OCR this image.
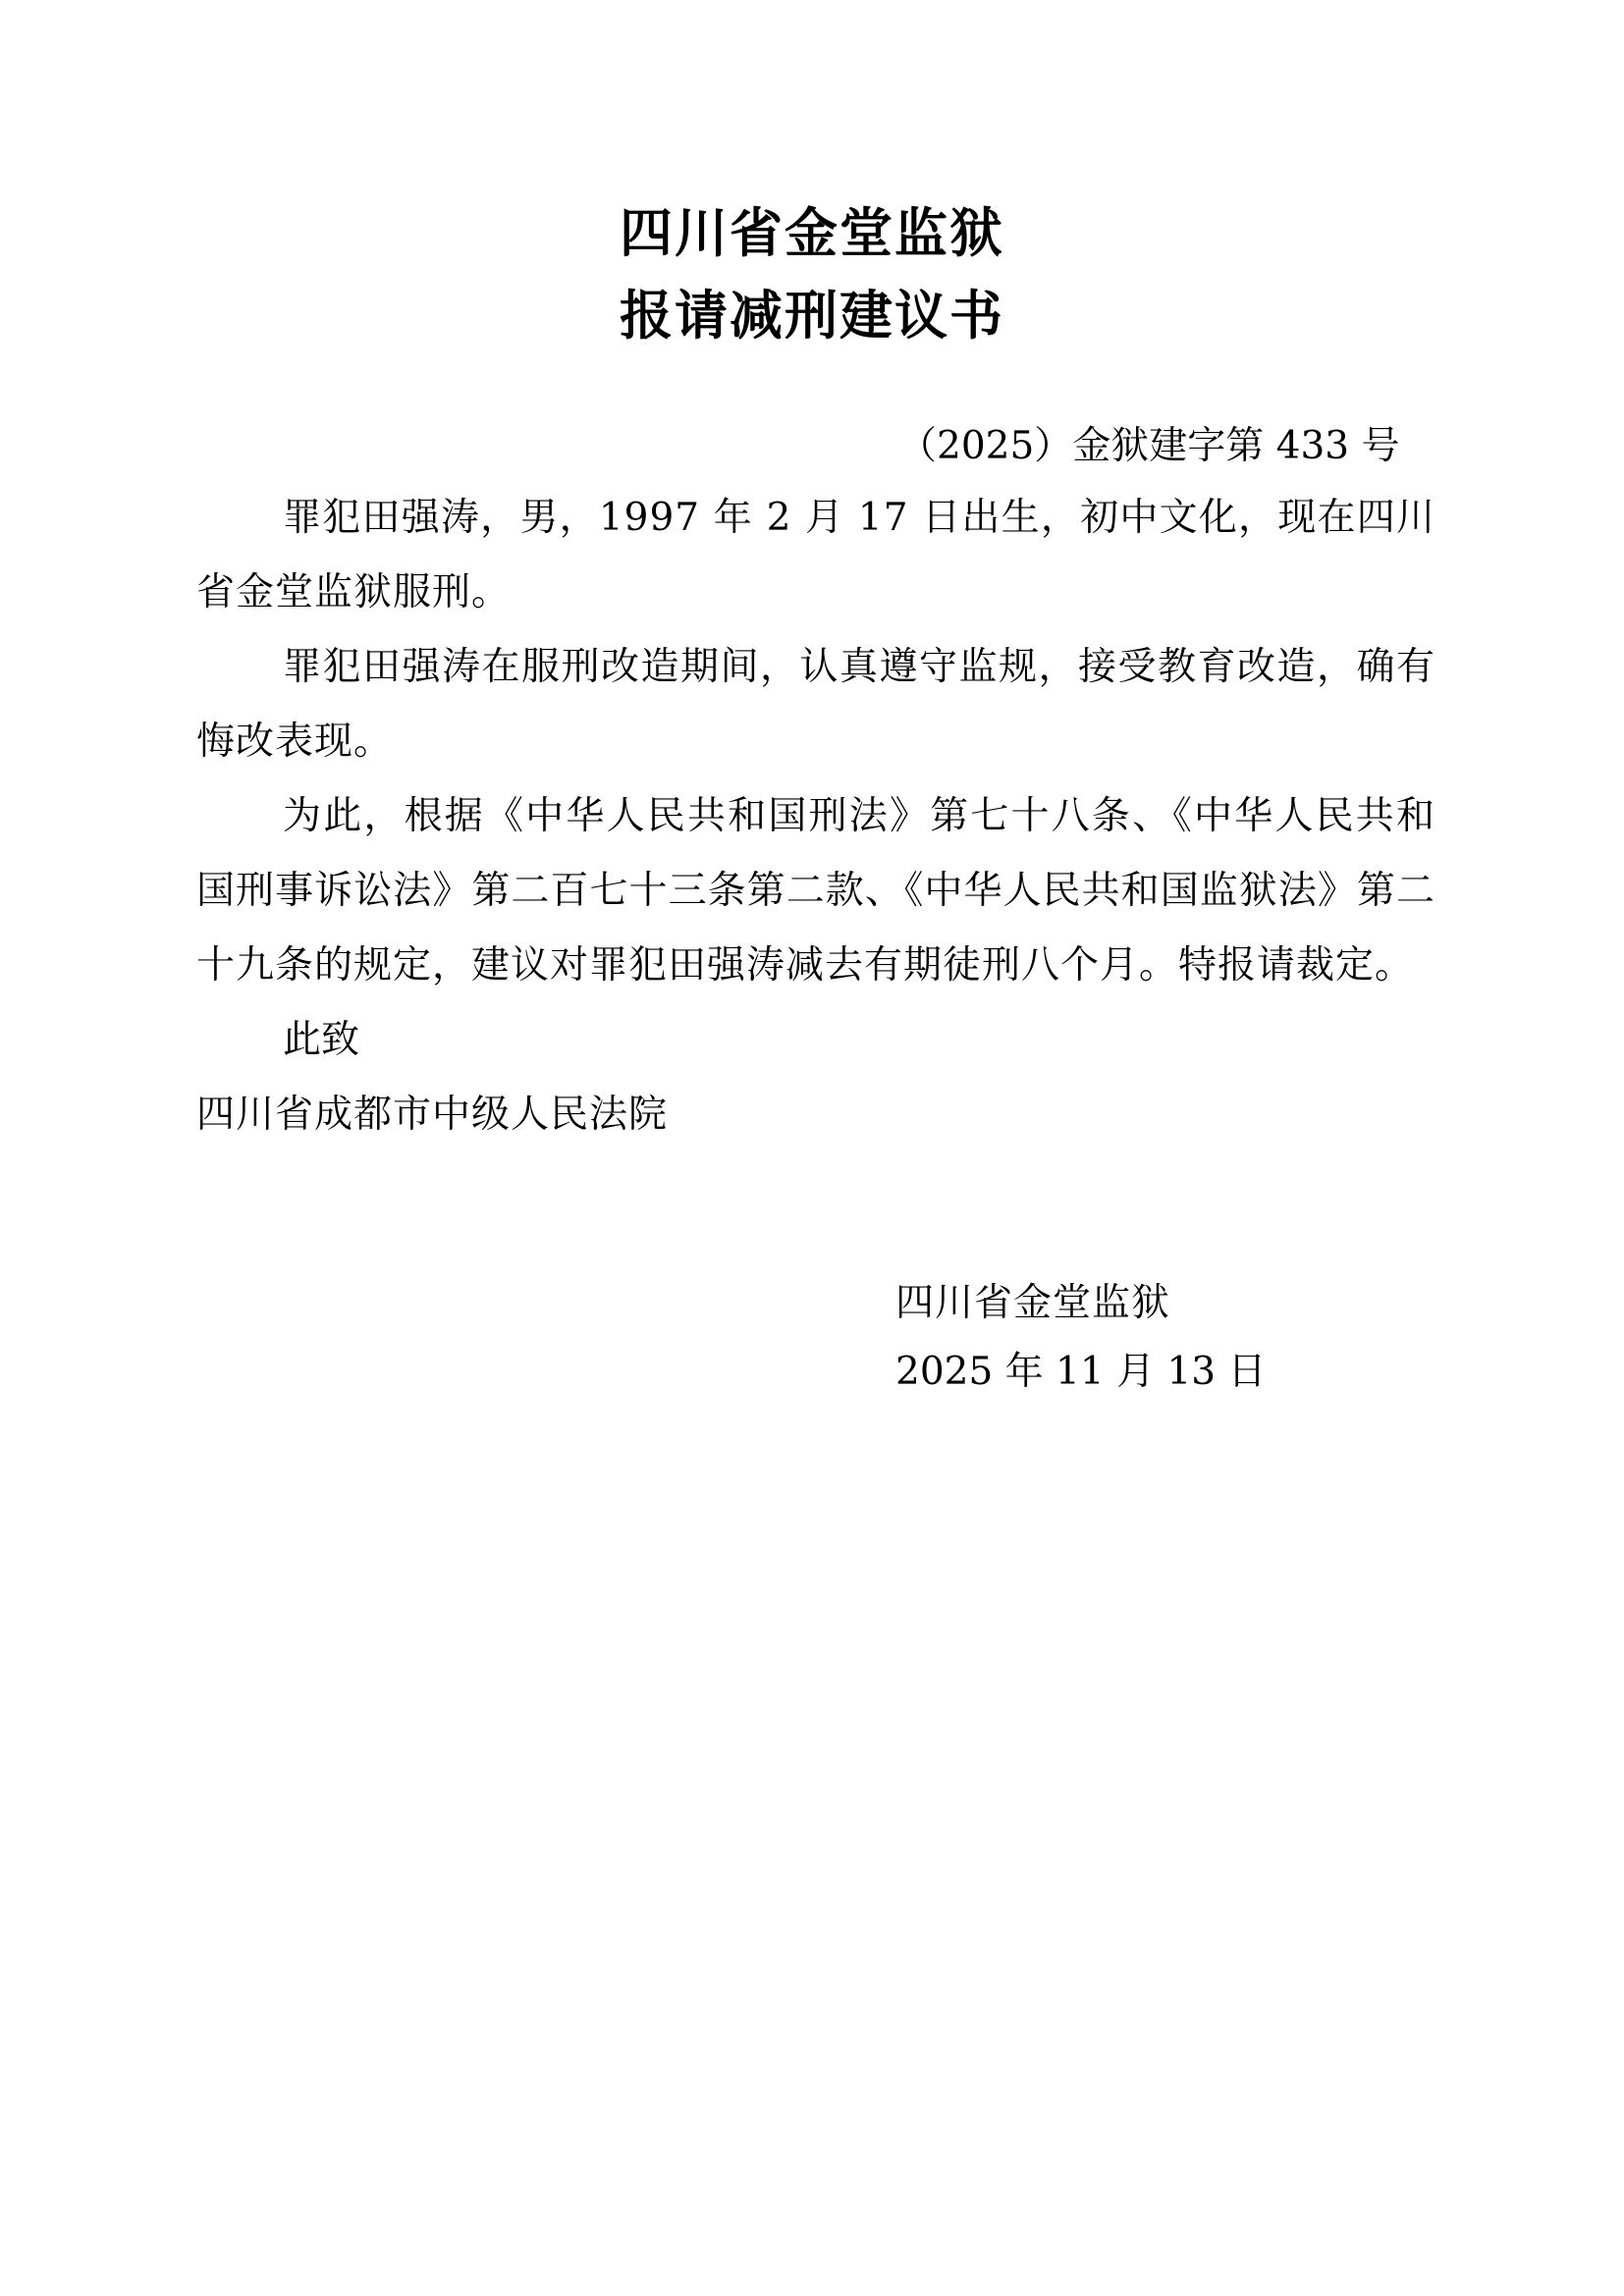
四川省金堂监狱
报请减刑建议书
（2025）金狱建字第 433 号
罪犯田强涛，男，1997 年 2 月 17 日出生，初中文化，现在四川省金堂监狱服刑。
罪犯田强涛在服刑改造期间，认真遵守监规，接受教育改造，确有悔改表现。
为此，根据《中华人民共和国刑法》第七十八条、《中华人民共和国刑事诉讼法》第二百七十三条第二款、《中华人民共和国监狱法》第二十九条的规定，建议对罪犯田强涛减去有期徒刑八个月。特报请裁定。
此致
四川省成都市中级人民法院
四川省金堂监狱
2025 年 11 月 13 日
